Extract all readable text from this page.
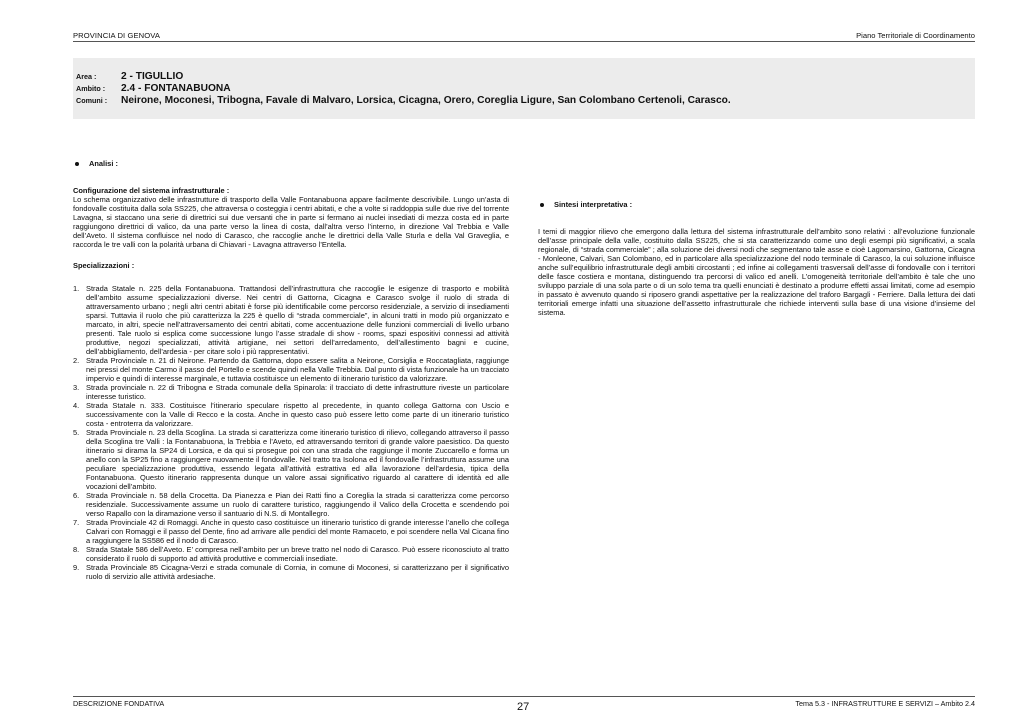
PROVINCIA DI GENOVA	Piano Territoriale di Coordinamento
Area :	2 - TIGULLIO
Ambito :	2.4 - FONTANABUONA
Comuni :	Neirone, Moconesi, Tribogna, Favale di Malvaro, Lorsica, Cicagna, Orero, Coreglia Ligure, San Colombano Certenoli, Carasco.
Analisi :

Configurazione del sistema infrastrutturale :

Lo schema organizzativo delle infrastrutture di trasporto della Valle Fontanabuona appare facilmente descrivibile. Lungo un’asta di fondovalle costituita dalla sola SS225, che attraversa o costeggia i centri abitati, e che a volte si raddoppia sulle due rive del torrente Lavagna, si staccano una serie di direttrici sui due versanti che in parte si fermano ai nuclei insediati di mezza costa ed in parte raggiungono direttrici di valico, da una parte verso la linea di costa, dall’altra verso l’interno, in direzione Val Trebbia e Valle dell’Aveto. Il sistema confluisce nel nodo di Carasco, che raccoglie anche le direttrici della Valle Sturla e della Val Graveglia, e raccorda le tre valli con la polarità urbana di Chiavari - Lavagna attraverso l’Entella.

Specializzazioni :

1. Strada Statale n. 225 della Fontanabuona. Trattandosi dell’infrastruttura che raccoglie le esigenze di trasporto e mobilità dell’ambito assume specializzazioni diverse. Nei centri di Gattorna, Cicagna e Carasco svolge il ruolo di strada di attraversamento urbano ; negli altri centri abitati è forse più identificabile come percorso residenziale, a servizio di insediamenti sparsi. Tuttavia il ruolo che più caratterizza la 225 è quello di “strada commerciale”, in alcuni tratti in modo più organizzato e marcato, in altri, specie nell’attraversamento dei centri abitati, come accentuazione delle funzioni commerciali di livello urbano presenti. Tale ruolo si esplica come successione lungo l’asse stradale di show - rooms, spazi espositivi connessi ad attività produttive, negozi specializzati, attività artigiane, nei settori dell’arredamento, dell’allestimento bagni e cucine, dell’abbigliamento, dell’ardesia - per citare solo i più rappresentativi.
2. Strada Provinciale n. 21 di Neirone. Partendo da Gattorna, dopo essere salita a Neirone, Corsiglia e Roccatagliata, raggiunge nei pressi del monte Carmo il passo del Portello e scende quindi nella Valle Trebbia. Dal punto di vista funzionale ha un tracciato impervio e quindi di interesse marginale, e tuttavia costituisce un elemento di itinerario turistico da valorizzare.
3. Strada provinciale n. 22 di Tribogna e Strada comunale della Spinarola: il tracciato di dette infrastrutture riveste un particolare interesse turistico.
4. Strada Statale n. 333. Costituisce l’itinerario speculare rispetto al precedente, in quanto collega Gattorna con Uscio e successivamente con la Valle di Recco e la costa. Anche in questo caso può essere letto come parte di un itinerario turistico costa - entroterra da valorizzare.
5. Strada Provinciale n. 23 della Scoglina. La strada si caratterizza come itinerario turistico di rilievo, collegando attraverso il passo della Scoglina tre Valli : la Fontanabuona, la Trebbia e l’Aveto, ed attraversando territori di grande valore paesistico. Da questo itinerario si dirama la SP24 di Lorsica, e da qui si prosegue poi con una strada che raggiunge il monte Zuccarello e forma un anello con la SP25 fino a raggiungere nuovamente il fondovalle. Nel tratto tra Isolona ed il fondovalle l’infrastruttura assume una peculiare specializzazione produttiva, essendo legata all’attività estrattiva ed alla lavorazione dell’ardesia, tipica della Fontanabuona. Questo itinerario rappresenta dunque un valore assai significativo riguardo al carattere di identità ed alle vocazioni dell’ambito.
6. Strada Provinciale n. 58 della Crocetta. Da Pianezza e Pian dei Ratti fino a Coreglia la strada si caratterizza come percorso residenziale. Successivamente assume un ruolo di carattere turistico, raggiungendo il Valico della Crocetta e scendendo poi verso Rapallo con la diramazione verso il santuario di N.S. di Montallegro.
7. Strada Provinciale 42 di Romaggi. Anche in questo caso costituisce un itinerario turistico di grande interesse l’anello che collega Calvari con Romaggi e il passo del Dente, fino ad arrivare alle pendici del monte Ramaceto, e poi scendere nella Val Cicana fino a raggiungere la SS586 ed il nodo di Carasco.
8. Strada Statale 586 dell’Aveto. E’ compresa nell’ambito per un breve tratto nel nodo di Carasco. Può essere riconosciuto al tratto considerato il ruolo di supporto ad attività produttive e commerciali insediate.
9. Strada Provinciale 85 Cicagna-Verzi e strada comunale di Cornia, in comune di Moconesi, si caratterizzano per il significativo ruolo di servizio alle attività ardesiache.
Sintesi interpretativa :

I temi di maggior rilievo che emergono dalla lettura del sistema infrastrutturale dell’ambito sono relativi : all’evoluzione funzionale dell’asse principale della valle, costituito dalla SS225, che si sta caratterizzando come uno degli esempi più significativi, a scala regionale, di “strada commerciale” ; alla soluzione dei diversi nodi che segmentano tale asse e cioè Lagomarsino, Gattorna, Cicagna - Monleone, Calvari, San Colombano, ed in particolare alla specializzazione del nodo terminale di Carasco, la cui soluzione influisce anche sull’equilibrio infrastrutturale degli ambiti circostanti ; ed infine ai collegamenti trasversali dell’asse di fondovalle con i territori delle fasce costiera e montana, distinguendo tra percorsi di valico ed anelli. L’omogeneità territoriale dell’ambito è tale che uno sviluppo parziale di una sola parte o di un solo tema tra quelli enunciati è destinato a produrre effetti assai limitati, come ad esempio in passato è avvenuto quando si riposero grandi aspettative per la realizzazione del traforo Bargagli - Ferriere. Dalla lettura dei dati territoriali emerge infatti una situazione dell’assetto infrastrutturale che richiede interventi sulla base di una visione d’insieme del sistema.

DESCRIZIONE FONDATIVA	27	Tema 5.3 - INFRASTRUTTURE E SERVIZI – Ambito 2.4
